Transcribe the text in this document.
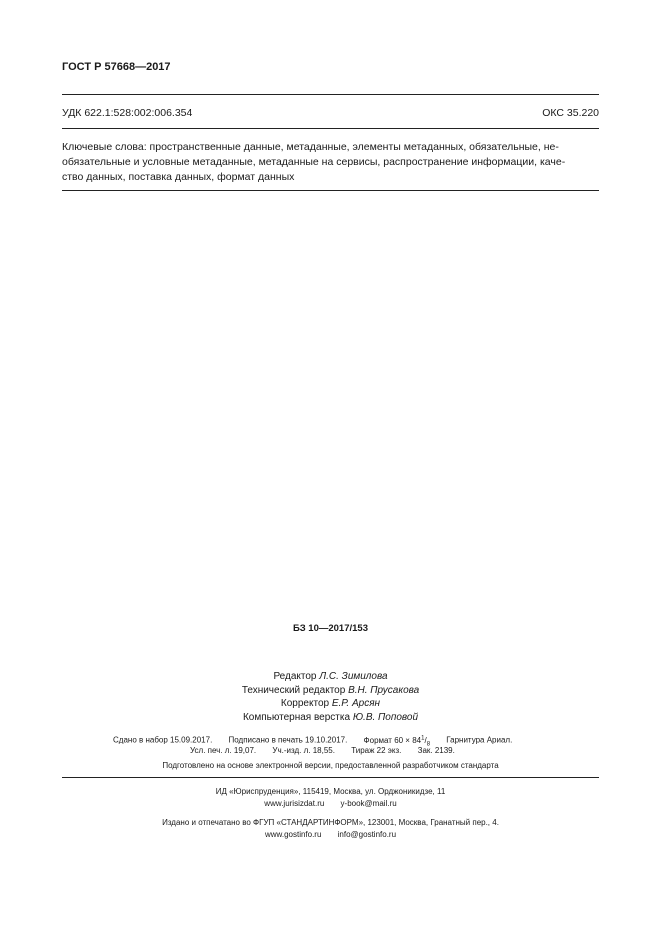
ГОСТ Р 57668—2017
УДК 622.1:528:002:006.354	ОКС 35.220
Ключевые слова: пространственные данные, метаданные, элементы метаданных, обязательные, не-
обязательные и условные метаданные, метаданные на сервисы, распространение информации, каче-
ство данных, поставка данных, формат данных
БЗ 10—2017/153
Редактор Л.С. Зимилова
Технический редактор В.Н. Прусакова
Корректор Е.Р. Арсян
Компьютерная верстка Ю.В. Поповой
Сдано в набор 15.09.2017. Подписано в печать 19.10.2017. Формат $60 \times 84^1/_8$ Гарнитура Ариал.
Усл. печ. л. 19,07. Уч.-изд. л. 18,55. Тираж 22 экз. Зак. 2139.
Подготовлено на основе электронной версии, предоставленной разработчиком стандарта
ИД «Юриспруденция», 115419, Москва, ул. Орджоникидзе, 11
www.jurisizdat.ru y-book@mail.ru
Издано и отпечатано во ФГУП «СТАНДАРТИНФОРМ», 123001, Москва, Гранатный пер., 4.
www.gostinfo.ru info@gostinfo.ru
